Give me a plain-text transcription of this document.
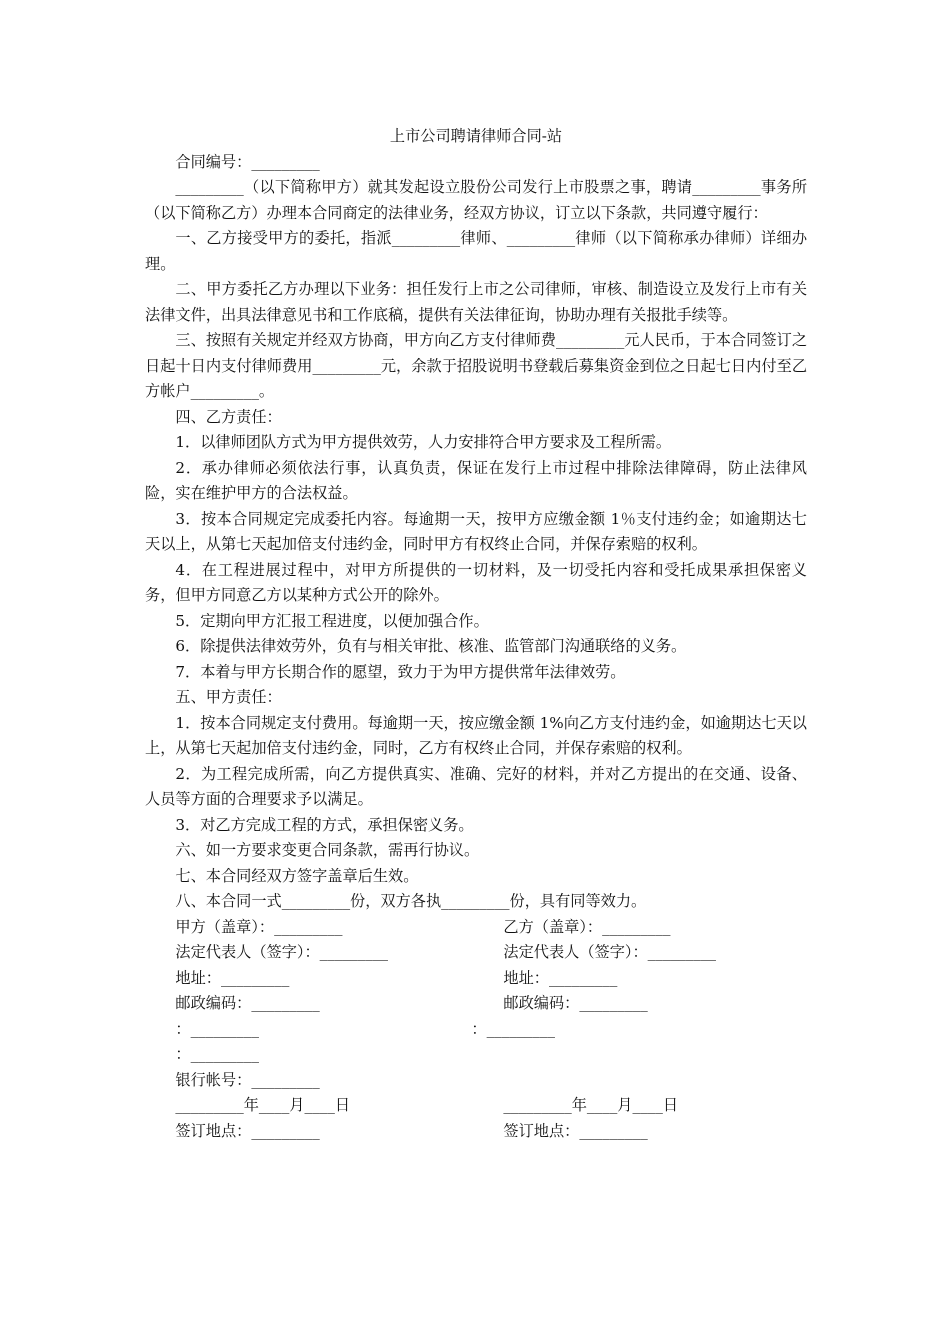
上市公司聘请律师合同-站

合同编号：_________

_________（以下简称甲方）就其发起设立股份公司发行上市股票之事，聘请_________事务所（以下简称乙方）办理本合同商定的法律业务，经双方协议，订立以下条款，共同遵守履行：

一、乙方接受甲方的委托，指派_________律师、_________律师（以下简称承办律师）详细办理。

二、甲方委托乙方办理以下业务：担任发行上市之公司律师，审核、制造设立及发行上市有关法律文件，出具法律意见书和工作底稿，提供有关法律征询，协助办理有关报批手续等。

三、按照有关规定并经双方协商，甲方向乙方支付律师费_________元人民币，于本合同签订之日起十日内支付律师费用_________元，余款于招股说明书登载后募集资金到位之日起七日内付至乙方帐户_________。

四、乙方责任：

1．以律师团队方式为甲方提供效劳，人力安排符合甲方要求及工程所需。

2．承办律师必须依法行事，认真负责，保证在发行上市过程中排除法律障碍，防止法律风险，实在维护甲方的合法权益。

3．按本合同规定完成委托内容。每逾期一天，按甲方应缴金额 1％支付违约金；如逾期达七天以上，从第七天起加倍支付违约金，同时甲方有权终止合同，并保存索赔的权利。

4．在工程进展过程中，对甲方所提供的一切材料，及一切受托内容和受托成果承担保密义务，但甲方同意乙方以某种方式公开的除外。

5．定期向甲方汇报工程进度，以便加强合作。

6．除提供法律效劳外，负有与相关审批、核准、监管部门沟通联络的义务。

7．本着与甲方长期合作的愿望，致力于为甲方提供常年法律效劳。

五、甲方责任：

1．按本合同规定支付费用。每逾期一天，按应缴金额 1%向乙方支付违约金，如逾期达七天以上，从第七天起加倍支付违约金，同时，乙方有权终止合同，并保存索赔的权利。

2．为工程完成所需，向乙方提供真实、准确、完好的材料，并对乙方提出的在交通、设备、人员等方面的合理要求予以满足。

3．对乙方完成工程的方式，承担保密义务。

六、如一方要求变更合同条款，需再行协议。

七、本合同经双方签字盖章后生效。

八、本合同一式_________份，双方各执_________份，具有同等效力。

甲方（盖章）：_________	乙方（盖章）：_________
法定代表人（签字）：_________	法定代表人（签字）：_________
地址：_________	地址：_________
邮政编码：_________	邮政编码：_________
：_________	：_________
：_________
银行帐号：_________
_________年____月____日	_________年____月____日
签订地点：_________	签订地点：_________
